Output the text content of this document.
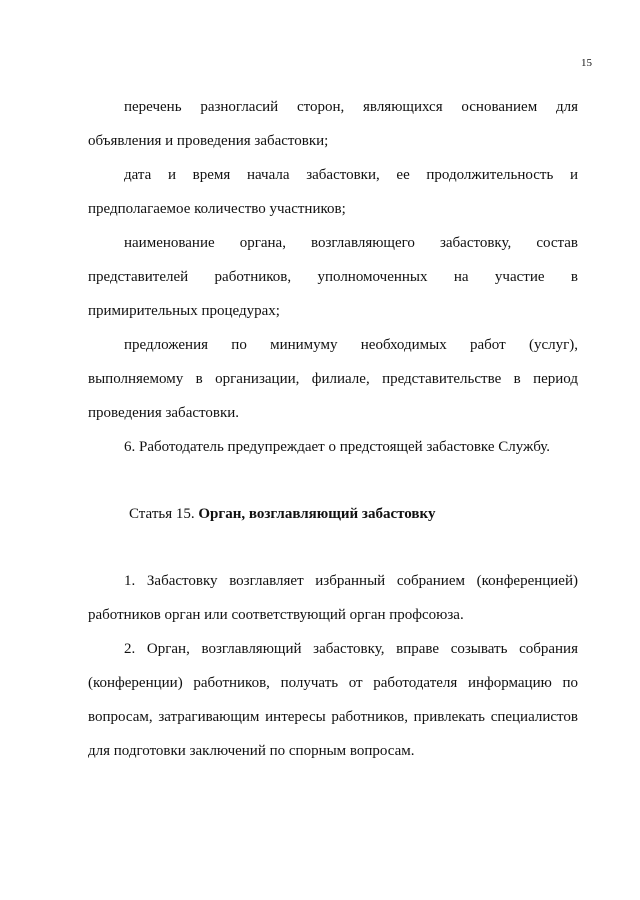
15

перечень разногласий сторон, являющихся основанием для объявления и проведения забастовки;

дата и время начала забастовки, ее продолжительность и предполагаемое количество участников;

наименование органа, возглавляющего забастовку, состав представителей работников, уполномоченных на участие в примирительных процедурах;

предложения по минимуму необходимых работ (услуг), выполняемому в организации, филиале, представительстве в период проведения забастовки.

6. Работодатель предупреждает о предстоящей забастовке Службу.

Статья 15. Орган, возглавляющий забастовку

1. Забастовку возглавляет избранный собранием (конференцией) работников орган или соответствующий орган профсоюза.

2. Орган, возглавляющий забастовку, вправе созывать собрания (конференции) работников, получать от работодателя информацию по вопросам, затрагивающим интересы работников, привлекать специалистов для подготовки заключений по спорным вопросам.
